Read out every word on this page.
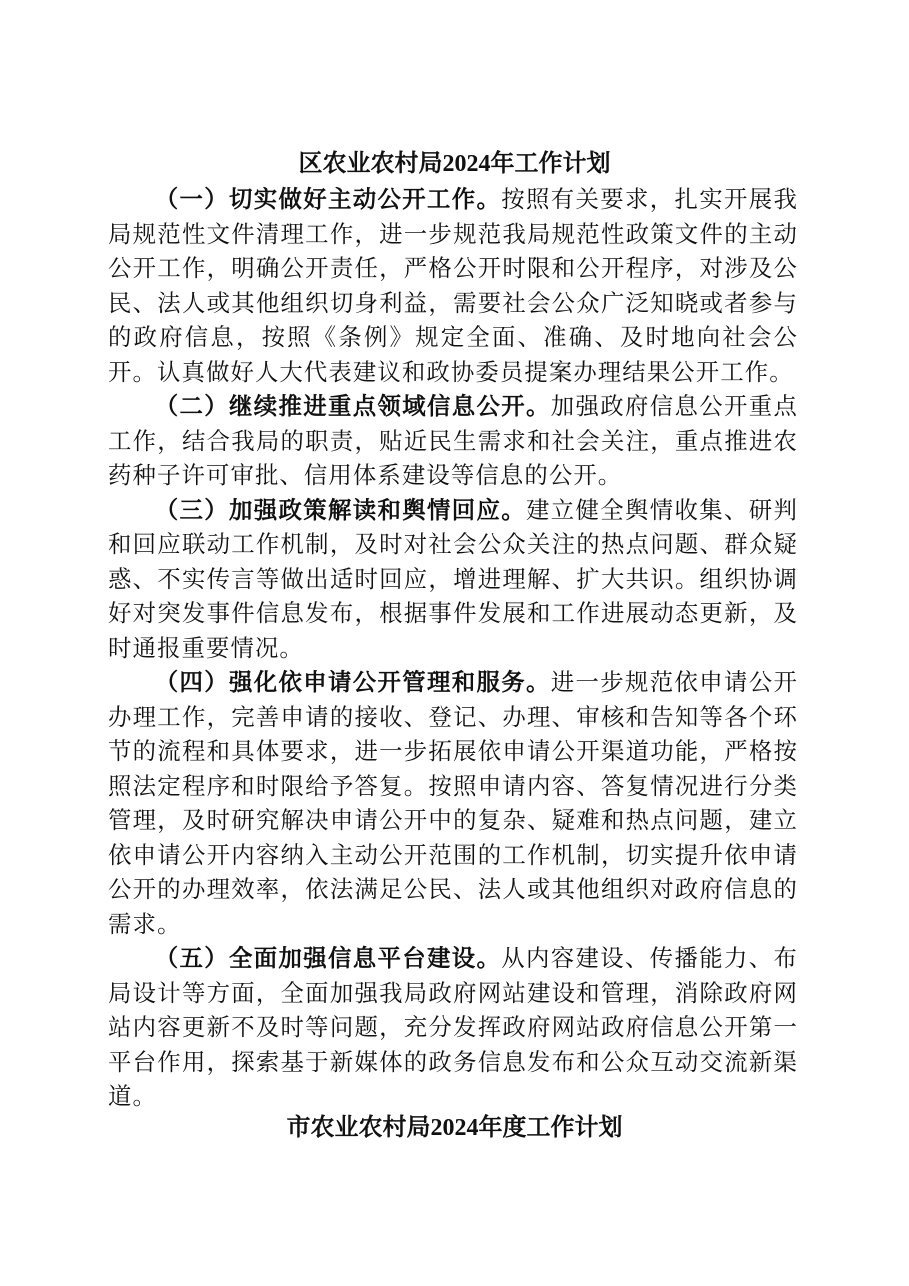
区农业农村局2024年工作计划

（一）切实做好主动公开工作。按照有关要求，扎实开展我局规范性文件清理工作，进一步规范我局规范性政策文件的主动公开工作，明确公开责任，严格公开时限和公开程序，对涉及公民、法人或其他组织切身利益，需要社会公众广泛知晓或者参与的政府信息，按照《条例》规定全面、准确、及时地向社会公开。认真做好人大代表建议和政协委员提案办理结果公开工作。

（二）继续推进重点领域信息公开。加强政府信息公开重点工作，结合我局的职责，贴近民生需求和社会关注，重点推进农药种子许可审批、信用体系建设等信息的公开。

（三）加强政策解读和舆情回应。建立健全舆情收集、研判和回应联动工作机制，及时对社会公众关注的热点问题、群众疑惑、不实传言等做出适时回应，增进理解、扩大共识。组织协调好对突发事件信息发布，根据事件发展和工作进展动态更新，及时通报重要情况。

（四）强化依申请公开管理和服务。进一步规范依申请公开办理工作，完善申请的接收、登记、办理、审核和告知等各个环节的流程和具体要求，进一步拓展依申请公开渠道功能，严格按照法定程序和时限给予答复。按照申请内容、答复情况进行分类管理，及时研究解决申请公开中的复杂、疑难和热点问题，建立依申请公开内容纳入主动公开范围的工作机制，切实提升依申请公开的办理效率，依法满足公民、法人或其他组织对政府信息的需求。

（五）全面加强信息平台建设。从内容建设、传播能力、布局设计等方面，全面加强我局政府网站建设和管理，消除政府网站内容更新不及时等问题，充分发挥政府网站政府信息公开第一平台作用，探索基于新媒体的政务信息发布和公众互动交流新渠道。

市农业农村局2024年度工作计划
